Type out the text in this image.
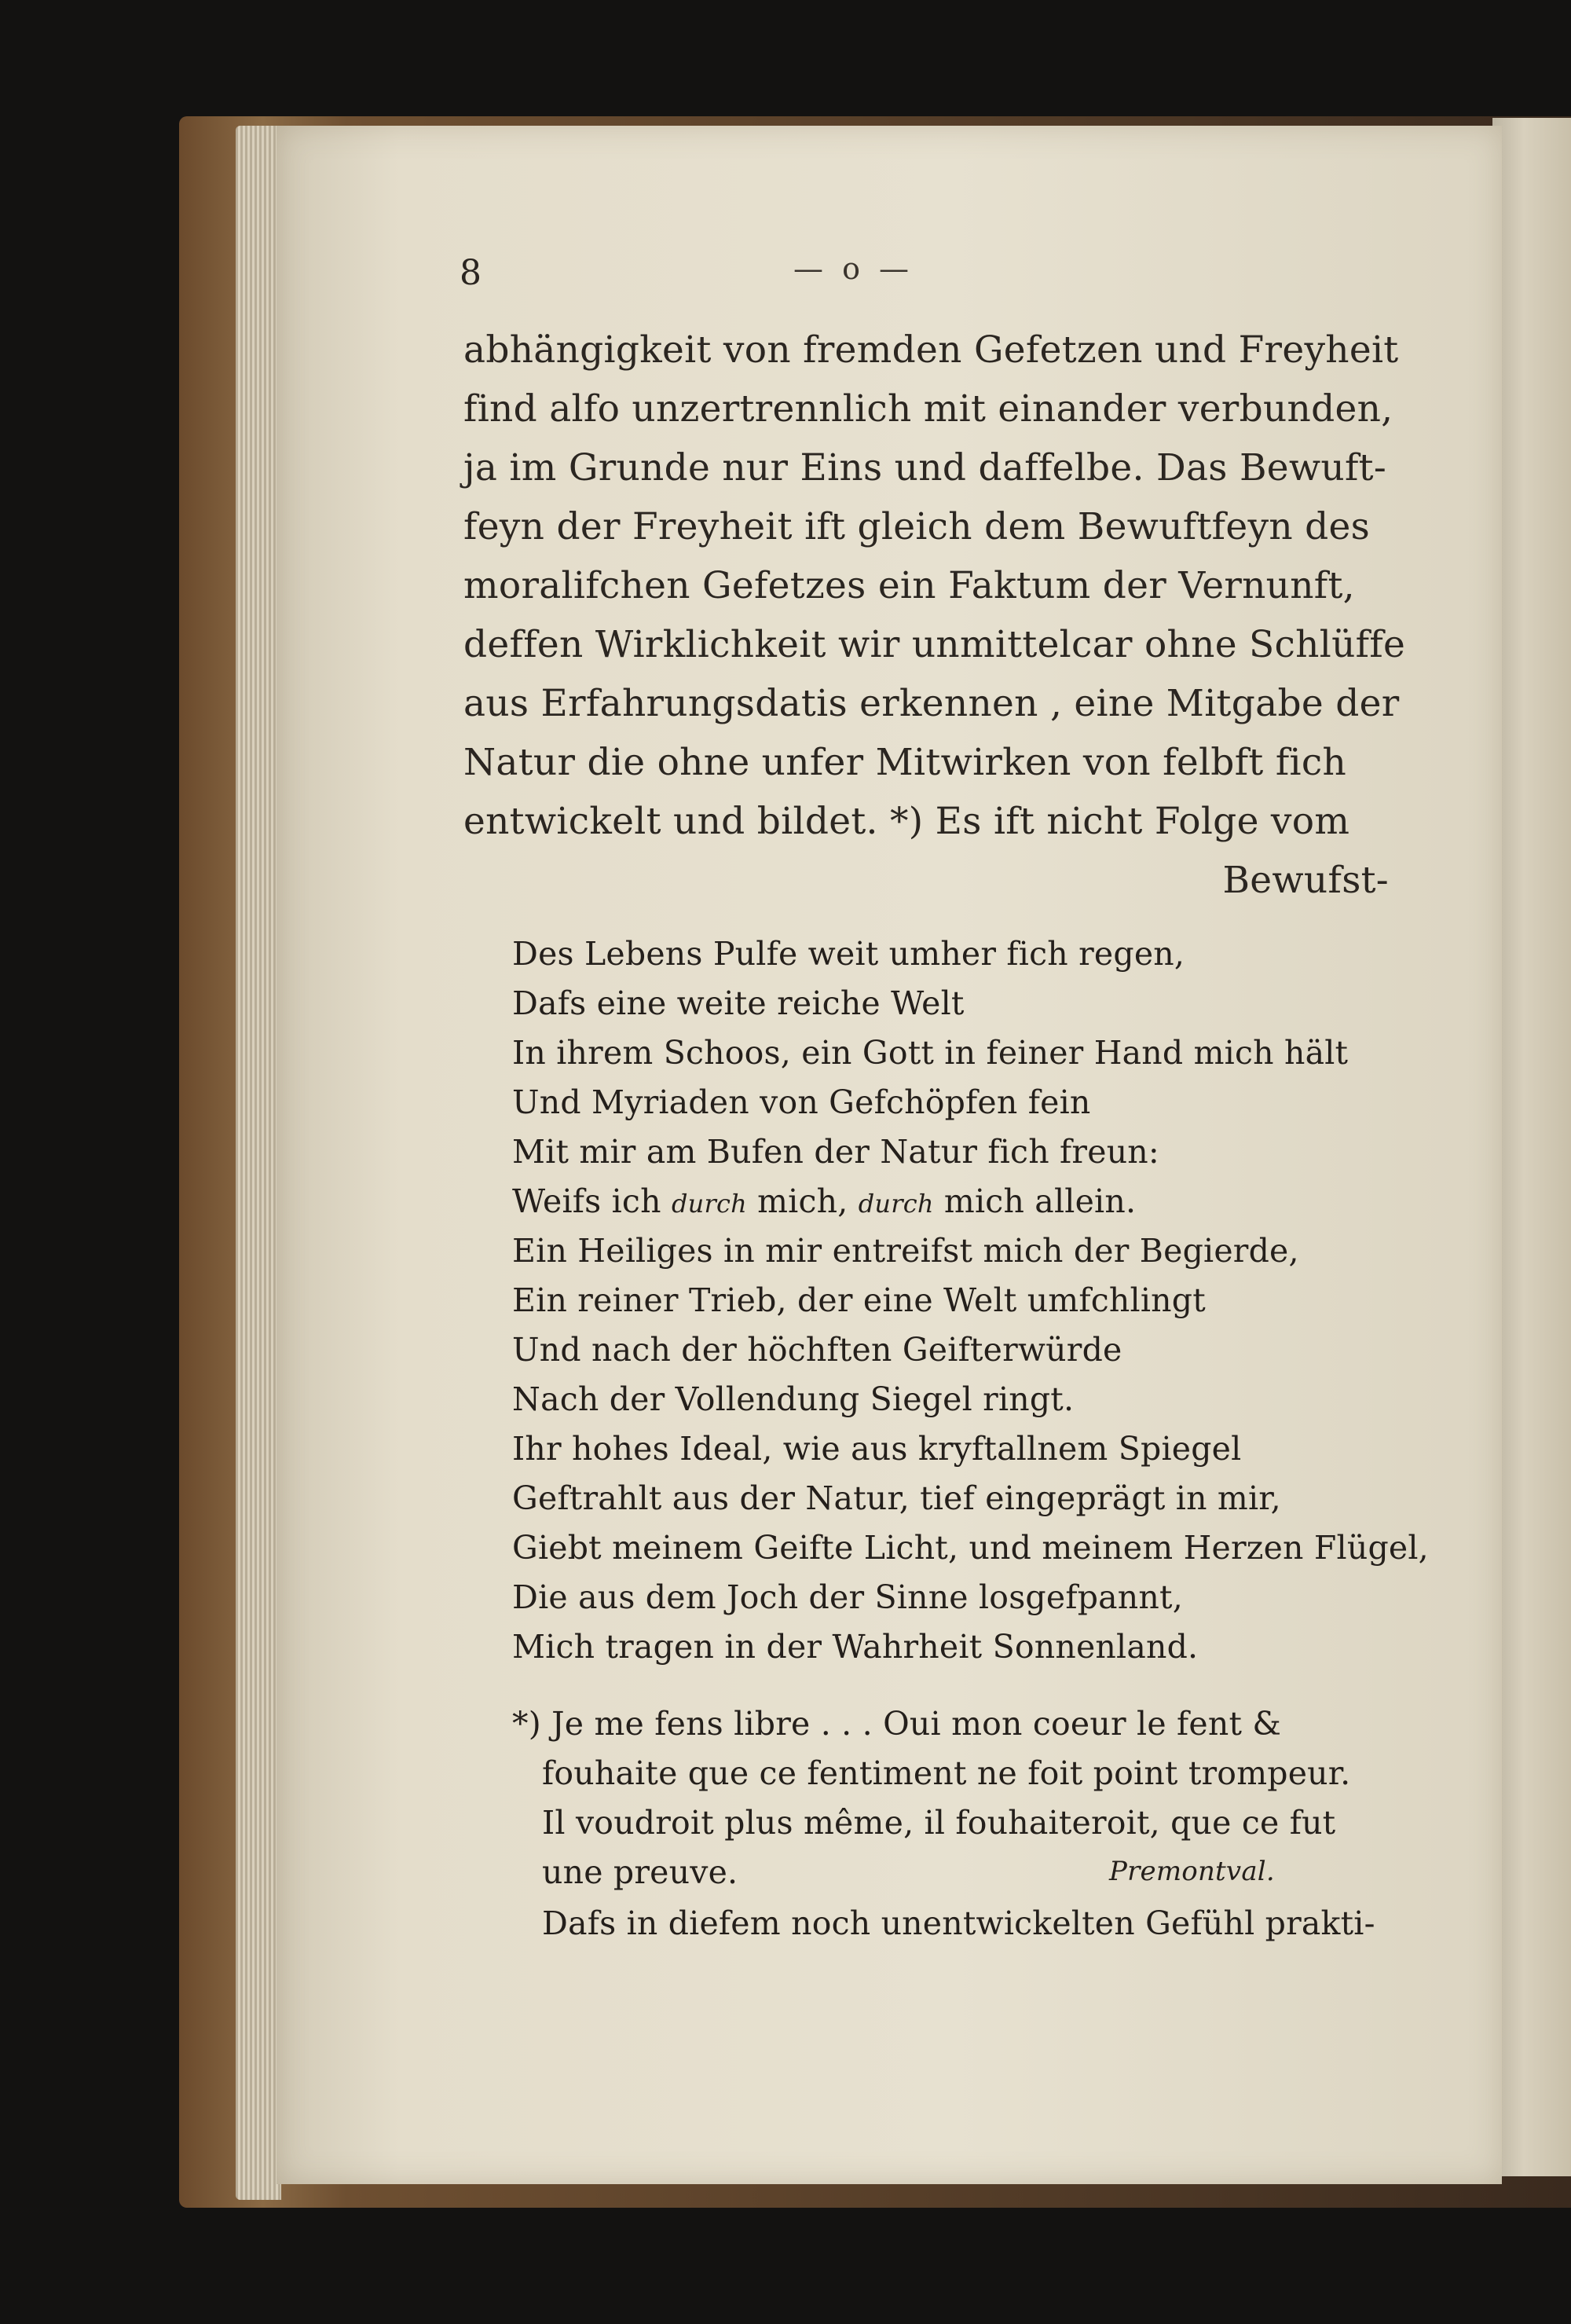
8	— o —
abhängigkeit von fremden Gefetzen und Freyheit
find alfo unzertrennlich mit einander verbunden,
ja im Grunde nur Eins und daffelbe. Das Bewuft-
feyn der Freyheit ift gleich dem Bewuftfeyn des
moralifchen Gefetzes ein Faktum der Vernunft,
deffen Wirklichkeit wir unmittelcar ohne Schlüffe
aus Erfahrungsdatis erkennen , eine Mitgabe der
Natur die ohne unfer Mitwirken von felbft fich
entwickelt und bildet. *) Es ift nicht Folge vom
Bewufst-
Des Lebens Pulfe weit umher fich regen,
Dafs eine weite reiche Welt
In ihrem Schoos, ein Gott in feiner Hand mich hält
Und Myriaden von Gefchöpfen fein
Mit mir am Bufen der Natur fich freun:
Weifs ich durch mich, durch mich allein.
Ein Heiliges in mir entreifst mich der Begierde,
Ein reiner Trieb, der eine Welt umfchlingt
Und nach der höchften Geifterwürde
Nach der Vollendung Siegel ringt.
Ihr hohes Ideal, wie aus kryftallnem Spiegel
Geftrahlt aus der Natur, tief eingeprägt in mir,
Giebt meinem Geifte Licht, und meinem Herzen Flügel,
Die aus dem Joch der Sinne losgefpannt,
Mich tragen in der Wahrheit Sonnenland.
*) Je me fens libre . . . Oui mon coeur le fent &
fouhaite que ce fentiment ne foit point trompeur.
Il voudroit plus même, il fouhaiteroit, que ce fut
une preuve.	Premontval.
Dafs in diefem noch unentwickelten Gefühl prakti-
